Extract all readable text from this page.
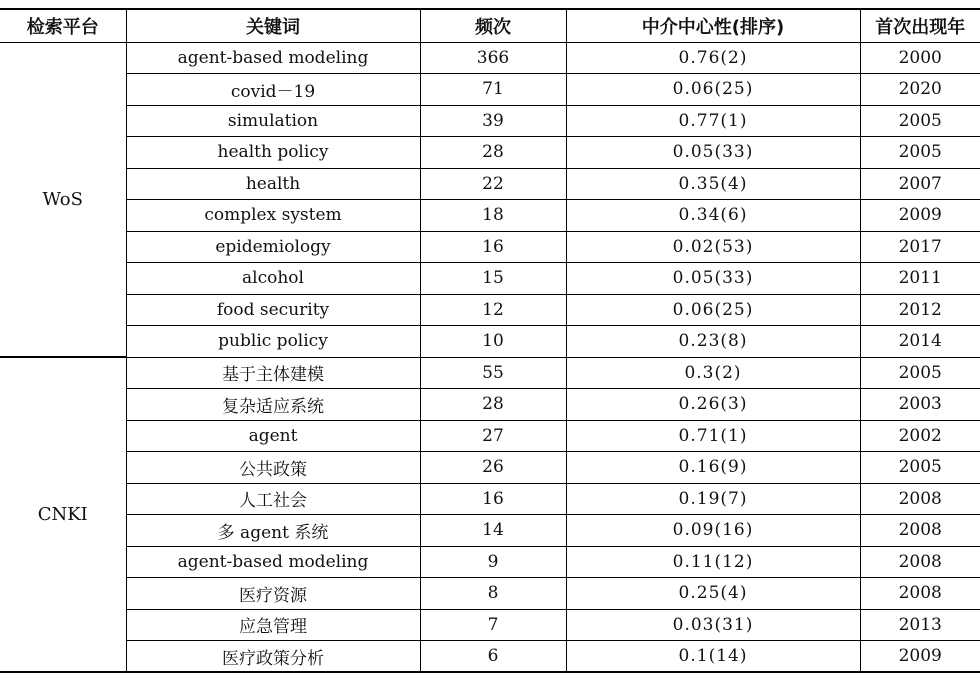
检索平台	关键词	频次	中介中心性(排序)	首次出现年
WoS	agent-based modeling	366	0.76(2)	2000
	covid－19	71	0.06(25)	2020
	simulation	39	0.77(1)	2005
	health policy	28	0.05(33)	2005
	health	22	0.35(4)	2007
	complex system	18	0.34(6)	2009
	epidemiology	16	0.02(53)	2017
	alcohol	15	0.05(33)	2011
	food security	12	0.06(25)	2012
	public policy	10	0.23(8)	2014
CNKI	基于主体建模	55	0.3(2)	2005
	复杂适应系统	28	0.26(3)	2003
	agent	27	0.71(1)	2002
	公共政策	26	0.16(9)	2005
	人工社会	16	0.19(7)	2008
	多 agent 系统	14	0.09(16)	2008
	agent-based modeling	9	0.11(12)	2008
	医疗资源	8	0.25(4)	2008
	应急管理	7	0.03(31)	2013
	医疗政策分析	6	0.1(14)	2009
